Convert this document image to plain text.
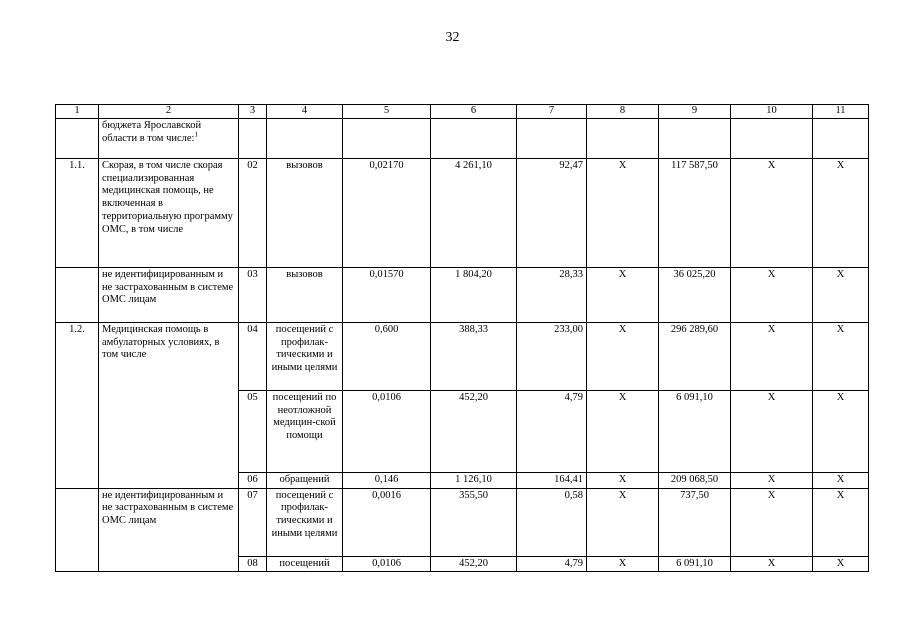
32
1	2	3	4	5	6	7	8	9	10	11
	бюджета Ярославской области в том числе:$^1$									
1.1.	Скорая, в том числе скорая специализированная медицинская помощь, не включенная в территориальную программу ОМС, в том числе	02	вызовов	0,02170	4 261,10	92,47	Х	117 587,50	Х	Х
	не идентифицированным и не застрахованным в системе ОМС лицам	03	вызовов	0,01570	1 804,20	28,33	Х	36 025,20	Х	Х
1.2.	Медицинская помощь в амбулаторных условиях, в том числе	04	посещений с профилак-тическими и иными целями	0,600	388,33	233,00	Х	296 289,60	Х	Х
		05	посещений по неотложной медицин-ской помощи	0,0106	452,20	4,79	Х	6 091,10	Х	Х
		06	обращений	0,146	1 126,10	164,41	Х	209 068,50	Х	Х
	не идентифицированным и не застрахованным в системе ОМС лицам	07	посещений с профилак-тическими и иными целями	0,0016	355,50	0,58	Х	737,50	Х	Х
		08	посещений	0,0106	452,20	4,79	Х	6 091,10	Х	Х
